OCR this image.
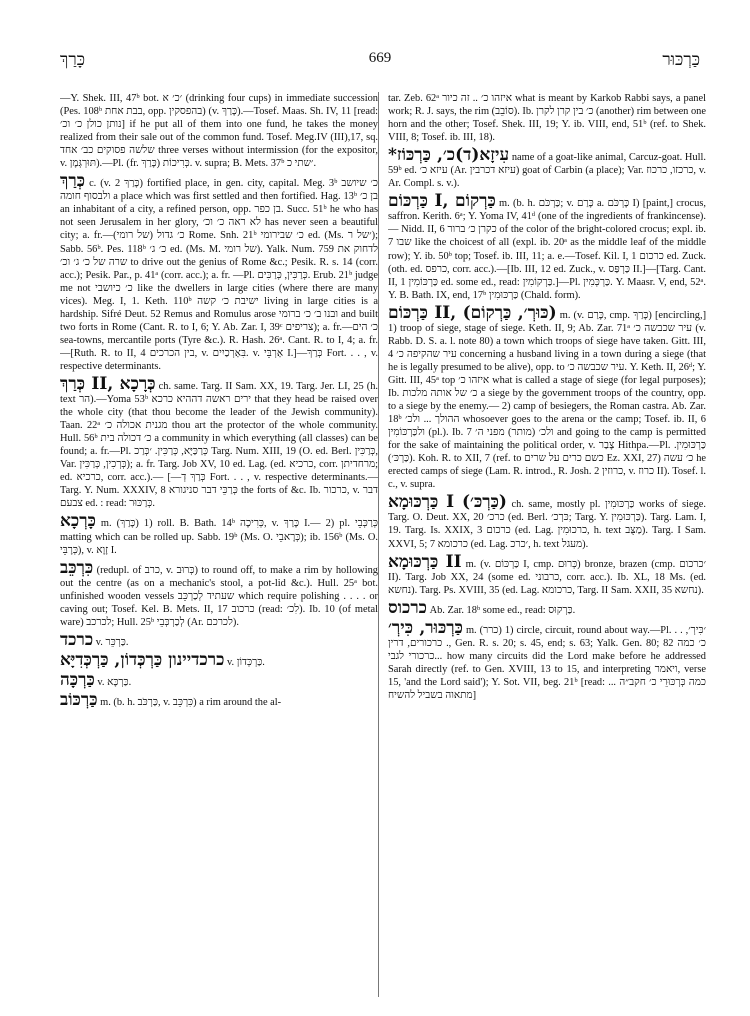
כָּרַךְ	669	כַּרְכּוּר

—Y. Shek. III, 47ᵇ bot. ׳כ׳ א (drinking four cups) in immediate succession (Pes. 108ᵇ בבת אחת, opp. בהפסקין) (v. כָּרַךְ).—Tosef. Maas. Sh. IV, 11 [read: נותן כולן כ׳ וכ׳] if he put all of them into one fund, he takes the money realized from their sale out of the common fund. Tosef. Meg.IV (III),17, sq. שלשה פסוקים כב׳ אחד three verses without intermission (for the expositor, v. תּוּרְגְּמָן).—Pl. (fr. כָּרַךְ) כְּרִיכוֹת. v. supra; B. Mets. 37ᵇ ׳שתי כ.

כְּרַךְ c. (v. כָּרַךְ 2) fortified place, in gen. city, capital. Meg. 3ᵇ כ׳ שיושב ולבסוף חומה a place which was first settled and then fortified. Hag. 13ᵇ בן כ׳ an inhabitant of a city, a refined person, opp. בן כפר. Succ. 51ᵇ he who has not seen Jerusalem in her glory, לא ראה כ׳ וכ׳ has never seen a beautiful city; a. fr.—כ׳ גדול (של רומי) Rome. Snh. 21ᵇ כ׳ שבירומי ed. (Ms. ׳של ר); Sabb. 56ᵇ. Pes. 118ᵇ כ׳ ג׳ ed. (Ms. M. של רומי). Yalk. Num. 759 לדחוק את שרה של כ׳ ג׳ וכ׳ to drive out the genius of Rome &c.; Pesik. R. s. 14 (corr. acc.); Pesik. Par., p. 41ᵃ (corr. acc.); a. fr. —Pl. כְּרַכִּין, כְּרַכִּים. Erub. 21ᵇ judge me not כ׳ כיושבי like the dwellers in large cities (where there are many vices). Meg. I, 1. Keth. 110ᵇ ישיבת כ׳ קשה living in large cities is a hardship. Sifré Deut. 52 Remus and Romulus arose ובנו ב׳ כ׳ ברומי and built two forts in Rome (Cant. R. to I, 6; Y. Ab. Zar. I, 39ᶜ צריפים); a. fr.—כ׳ הים sea-towns, mercantile ports (Tyre &c.). R. Hash. 26ᵃ. Cant. R. to I, 4; a. fr.—[Ruth. R. to II, 4 בין הכרכים, v. בִּאַרְכַיִים. v. אַרְבֵּי I.]—כְּרַךְ Fort. . . , v. respective determinants.

כְּרַךְ II, כְּרָכָא ch. same. Targ. II Sam. XX, 19. Targ. Jer. LI, 25 (h. text הר).—Yoma 53ᵇ ירים ראשה דההיא כרכא that they head be raised over the whole city (that thou become the leader of the Jewish community). Taan. 22ᵃ מגנית אכולה כ׳ thou art the protector of the whole community. Hull. 56ᵇ כ׳ דכולה בית a community in which everything (all classes) can be found; a. fr.—Pl. כְּרַכַּיָּא, כְּרַכִּין. ׳כְּרַכ Targ. Num. XIII, 19 (O. ed. Berl. כְּרַכִּין, Var. כְּרְכִין, כְּרַכִּין); a. fr. Targ. Job XV, 10 ed. Lag. (ed. כרכיא, corr. מרחדיתן; ed. כרכיא, corr. acc.).— [—כְּרַךְ דְ Fort. . . , v. respective determinants.— Targ. Y. Num. XXXIV, 8 כְּרַכֵּי דבר סניגורא the forts of &c. Ib. כרכור, v. דבר צבעם ed. : read: כְּרַכּוּר.

כָּרְכָא m. (כָּרַךְ) 1) roll. B. Bath. 14ᵇ כְּרִיכָה, v. כָּרַךְ I.— 2) pl. כְּרַכְּבֵי matting which can be rolled up. Sabb. 19ᵇ (Ms. O. כְּרָאבֵי); ib. 156ᵇ (Ms. O. כְּרָבֵּי), v. זָוָא I.

כִּרְכֵּב (redupl. of כרב, v. כְּרוּב) to round off, to make a rim by hollowing out the centre (as on a mechanic's stool, a pot-lid &c.). Hull. 25ᵃ bot. unfinished wooden vessels שעתיד לְכַרְכֵּב which require polishing . . . . or caving out; Tosef. Kel. B. Mets. II, 17 כרכוב (read: לִכ׳). Ib. 10 (of metal ware) לכרכב; Hull. 25ᵇ לְכַרְכְּבֵי (Ar. לכרכם).

כרכד v. כַּרְכֵּר.

כרכדיינון כַּרְכְּדוֹן, כַּרְכְּדִיָּא v. כַּרְכְּדוֹן.

כַּרְכָּה v. כַּרְכָּא.

כַּרְכּוֹב m. (b. h. כַּרְכֹּב, v. כִּרְכֵּב) a rim around the al-

tar. Zeb. 62ᵃ איזהו כ׳ .. זה כיור what is meant by Karkob Rabbi says, a panel work; R. J. says, the rim (סוֹבֵב). Ib. כ׳ בין קרן לקרן (another) rim between one horn and the other; Tosef. Shek. III, 19; Y. ib. VIII, end, 51ᵇ (ref. to Shek. VIII, 8; Tosef. ib. III, 18).

*עִיזָא(ד)כ׳, כַּרְכּוֹז name of a goat-like animal, Carcuz-goat. Hull. 59ᵇ ed. עיזא כ׳ (Ar. עיזא דכרבין) goat of Carbin (a place); Var. כרכזו, כרכוז, v. Ar. Compl. s. v.).

כַּרְכּוֹם I, כַּרְקוֹם m. (b. h. כַּרְכֹּם; v. כָּרַם a. כָּרְכֹּם I) [paint,] crocus, saffron. Kerith. 6ᵃ; Y. Yoma IV, 41ᵈ (one of the ingredients of frankincense).— Nidd. II, 6 כקרן כ׳ ברור of the color of the bright-colored crocus; expl. ib. 7 שבו like the choicest of all (expl. ib. 20ᵃ as the middle leaf of the middle row); Y. ib. 50ᵇ top; Tosef. ib. III, 11; a. e.—Tosef. Kil. I, 1 כרכום ed. Zuck. (oth. ed. כרפס, corr. acc.).—[Ib. III, 12 ed. Zuck., v. כַּרְפַּס II.]—[Targ. Cant. II, 1 כַּרְכּוֹמִין ed. some ed., read: כַּרְקוֹמִין.]—Pl. כַּרְכְּמִין. Y. Maasr. V, end, 52ᵃ. Y. B. Bath. IX, end, 17ᵇ כַּרְכּוּמִין (Chald. form).

כַּרְכּוֹם II, (כּוּרְ׳, כַּרְקוֹם) m. (v. כָּרַם, cmp. כָּרַךְ) [encircling,] 1) troop of siege, stage of siege. Keth. II, 9; Ab. Zar. 71ᵃ עיר שכבשה כ׳ (v. Rabb. D. S. a. l. note 80) a town which troops of siege have taken. Gitt. III, 4 עיר שהקיפה כ׳ concerning a husband living in a town during a siege (that he is legally presumed to be alive), opp. to עיר שכבשה כ׳. Y. Keth. II, 26ᵈ; Y. Gitt. III, 45ᵃ top איזהו כ׳ what is called a stage of siege (for legal purposes); Ib. כ׳ של אותה מלכות a siege by the government troops of the country, opp. to a siege by the enemy.— 2) camp of besiegers, the Roman castra. Ab. Zar. 18ᵇ ההולך ... ולכ׳ whosoever goes to the arena or the camp; Tosef. ib. II, 6 ולכַּרְכּוֹמִין (pl.). Ib. 7 ולכ׳ (מותר) מפני ה׳ and going to the camp is permitted for the sake of maintaining the political order, v. צָבַר Hithpa.—Pl. כַּרְכּוּמִין. (כַּרְכּ׳). Koh. R. to XII, 7 (ref. to כשם כרים על שרים Ez. XXI, 27) כ׳ עשה he erected camps of siege (Lam. R. introd., R. Josh. 2 כרוזין, v. כרוז II). Tosef. l. c., v. supra.

כַּרְכּוּמָא I (כַּרְכּ׳) ch. same, mostly pl. כַּרְכּוּמִין works of siege. Targ. O. Deut. XX, 20 כרכ׳ (ed. Berl. כּרְכ׳; Targ. Y. כַּרְכּוּמִין). Targ. Lam. I, 19. Targ. Is. XXIX, 3 כרכום (ed. Lag. כרכוּמִין, h. text מַצֻּב). Targ. I Sam. XXVI, 5; 7 כרכומא (ed. Lag. ׳כרכ, h. text מעגל).

כַּרְכּוּמָא II m. (v. כַּרְכּוֹם I, cmp. כְּרוּם) bronze, brazen (cmp. ׳כרכום II). Targ. Job XX, 24 (some ed. כרבוני, corr. acc.). Ib. XL, 18 Ms. (ed. נחשא). Targ. Ps. XVIII, 35 (ed. Lag. כרכומא, Targ. II Sam. XXII, 35 נחשא).

כרכוס Ab. Zar. 18ᵇ some ed., read: כַּרְקוּס.

כַּרְכּוּר, כִּירְ׳ m. (כרר) 1) circle, circuit, round about way.—Pl. ׳כִּירְ׳, . . . כרכורים, דרין, Gen. R. s. 20; s. 45, end; s. 63; Yalk. Gen. 80; 82 כ׳ כמה כרכורי לגבי... how many circuits did the Lord make before he addressed Sarah directly (ref. to Gen. XVIII, 13 to 15, and interpreting ויאמר, verse 15, 'and the Lord said'); Y. Sot. VII, beg. 21ᵇ [read: ... כמה כְּרְכּוּרֵי כ׳ חקב״ה מתאוה בשביל להשיח]
